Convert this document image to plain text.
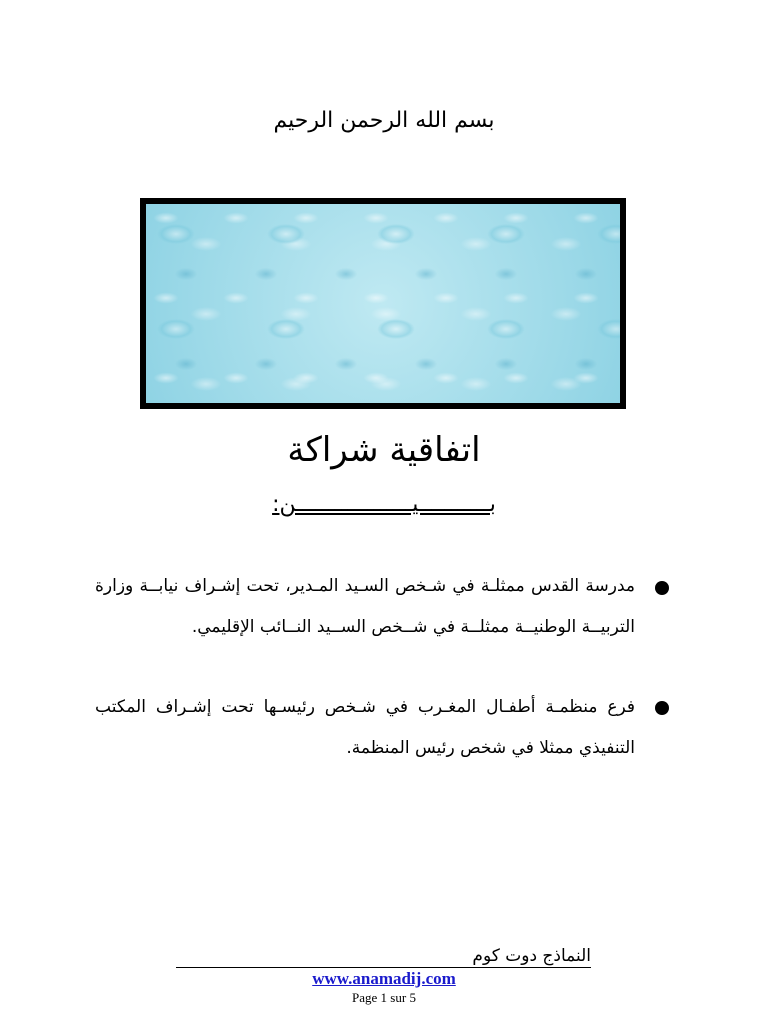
بسم الله الرحمن الرحيم
اتفاقية شراكة
بـــــــــــيــــــــــــــــــن:
مدرسة القدس ممثلـة في شـخص السـيد المـدير، تحت إشـراف نيابــة وزارة التربيــة الوطنيــة ممثلــة في شــخص الســيد النــائب الإقليمي.
فرع منظمـة أطفـال المغـرب في شـخص رئيسـها تحت إشـراف المكتب التنفيذي ممثلا في شخص رئيس المنظمة.
النماذج دوت كوم
www.anamadij.com
Page 1 sur 5
